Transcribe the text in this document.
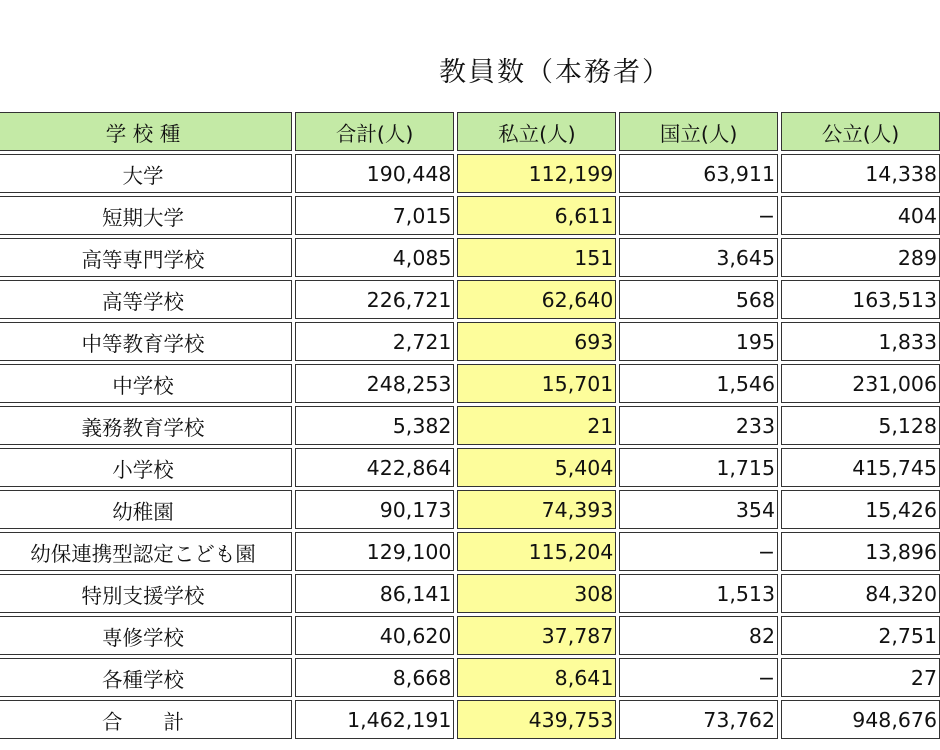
教員数（本務者）
学 校 種		合計(人)		私立(人)		国立(人)		公立(人)

大学		190,448		112,199		63,911		14,338

短期大学		7,015		6,611		−		404

高等専門学校		4,085		151		3,645		289

高等学校		226,721		62,640		568		163,513

中等教育学校		2,721		693		195		1,833

中学校		248,253		15,701		1,546		231,006

義務教育学校		5,382		21		233		5,128

小学校		422,864		5,404		1,715		415,745

幼稚園		90,173		74,393		354		15,426

幼保連携型認定こども園		129,100		115,204		−		13,896

特別支援学校		86,141		308		1,513		84,320

専修学校		40,620		37,787		82		2,751

各種学校		8,668		8,641		−		27

合　　計		1,462,191		439,753		73,762		948,676
